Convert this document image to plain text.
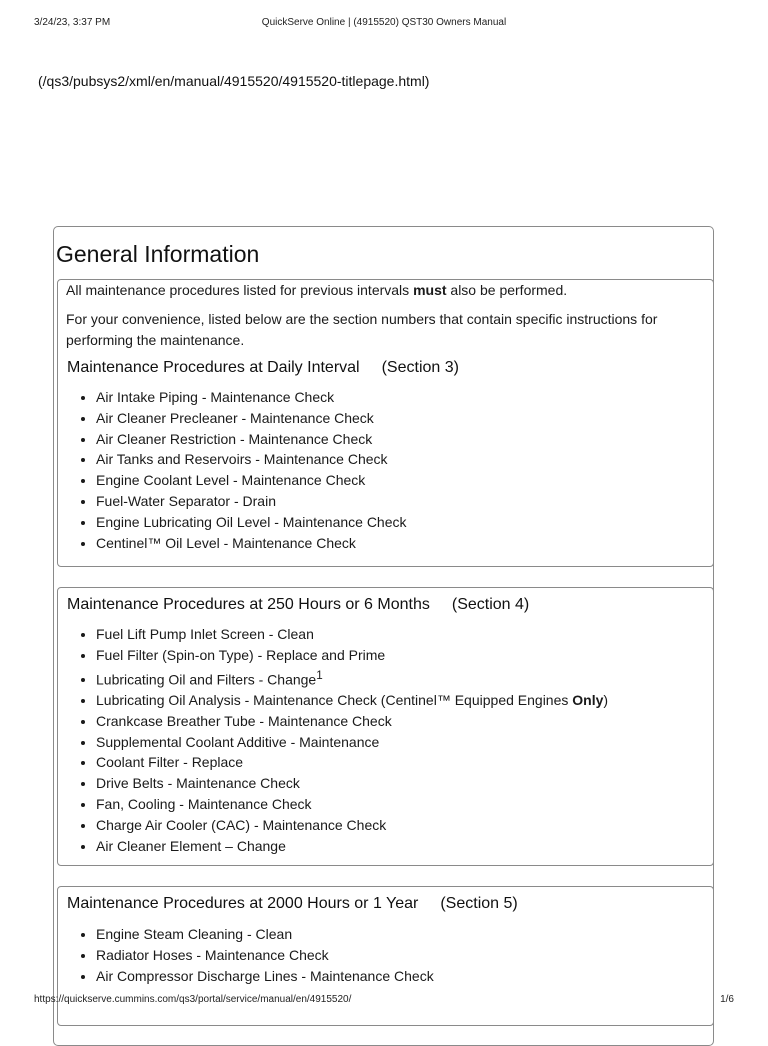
3/24/23, 3:37 PM	QuickServe Online | (4915520) QST30 Owners Manual
(/qs3/pubsys2/xml/en/manual/4915520/4915520-titlepage.html)
General Information

All maintenance procedures listed for previous intervals must also be performed.

For your convenience, listed below are the section numbers that contain specific instructions for performing the maintenance.

Maintenance Procedures at Daily Interval (Section 3)
• Air Intake Piping - Maintenance Check
• Air Cleaner Precleaner - Maintenance Check
• Air Cleaner Restriction - Maintenance Check
• Air Tanks and Reservoirs - Maintenance Check
• Engine Coolant Level - Maintenance Check
• Fuel-Water Separator - Drain
• Engine Lubricating Oil Level - Maintenance Check
• Centinel™ Oil Level - Maintenance Check
Maintenance Procedures at 250 Hours or 6 Months (Section 4)
• Fuel Lift Pump Inlet Screen - Clean
• Fuel Filter (Spin-on Type) - Replace and Prime
• Lubricating Oil and Filters - Change$^1$
• Lubricating Oil Analysis - Maintenance Check (Centinel™ Equipped Engines Only)
• Crankcase Breather Tube - Maintenance Check
• Supplemental Coolant Additive - Maintenance
• Coolant Filter - Replace
• Drive Belts - Maintenance Check
• Fan, Cooling - Maintenance Check
• Charge Air Cooler (CAC) - Maintenance Check
• Air Cleaner Element – Change
Maintenance Procedures at 2000 Hours or 1 Year (Section 5)
• Engine Steam Cleaning - Clean
• Radiator Hoses - Maintenance Check
• Air Compressor Discharge Lines - Maintenance Check
https://quickserve.cummins.com/qs3/portal/service/manual/en/4915520/	1/6
